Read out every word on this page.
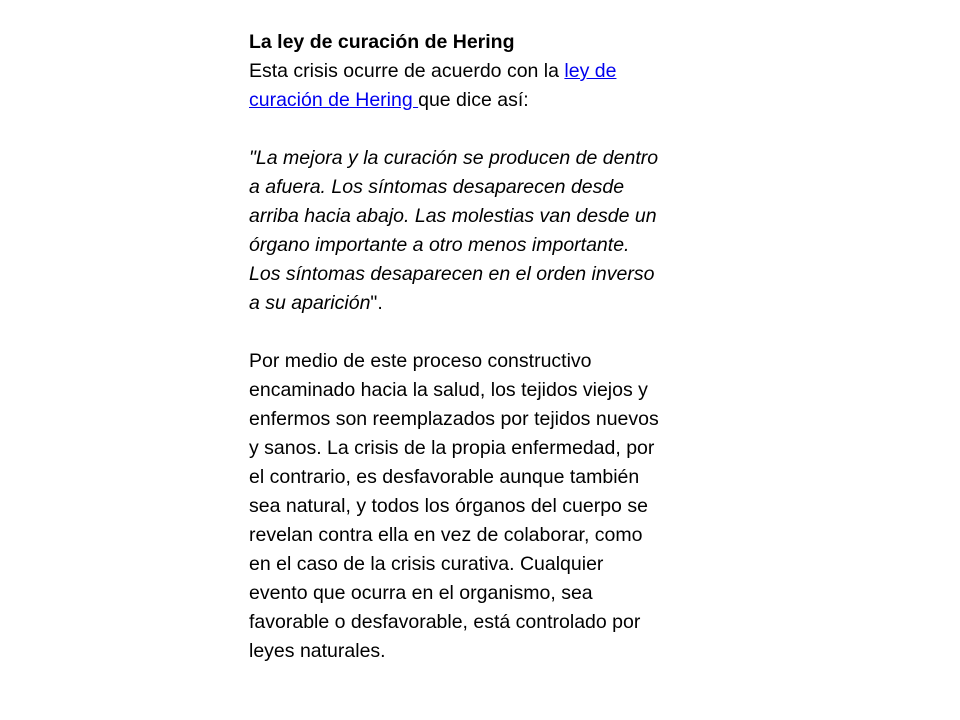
La ley de curación de Hering
Esta crisis ocurre de acuerdo con la ley de
curación de Hering que dice así:
"La mejora y la curación se producen de dentro
a afuera. Los síntomas desaparecen desde
arriba hacia abajo. Las molestias van desde un
órgano importante a otro menos importante.
Los síntomas desaparecen en el orden inverso
a su aparición".
Por medio de este proceso constructivo
encaminado hacia la salud, los tejidos viejos y
enfermos son reemplazados por tejidos nuevos
y sanos. La crisis de la propia enfermedad, por
el contrario, es desfavorable aunque también
sea natural, y todos los órganos del cuerpo se
revelan contra ella en vez de colaborar, como
en el caso de la crisis curativa. Cualquier
evento que ocurra en el organismo, sea
favorable o desfavorable, está controlado por
leyes naturales.
